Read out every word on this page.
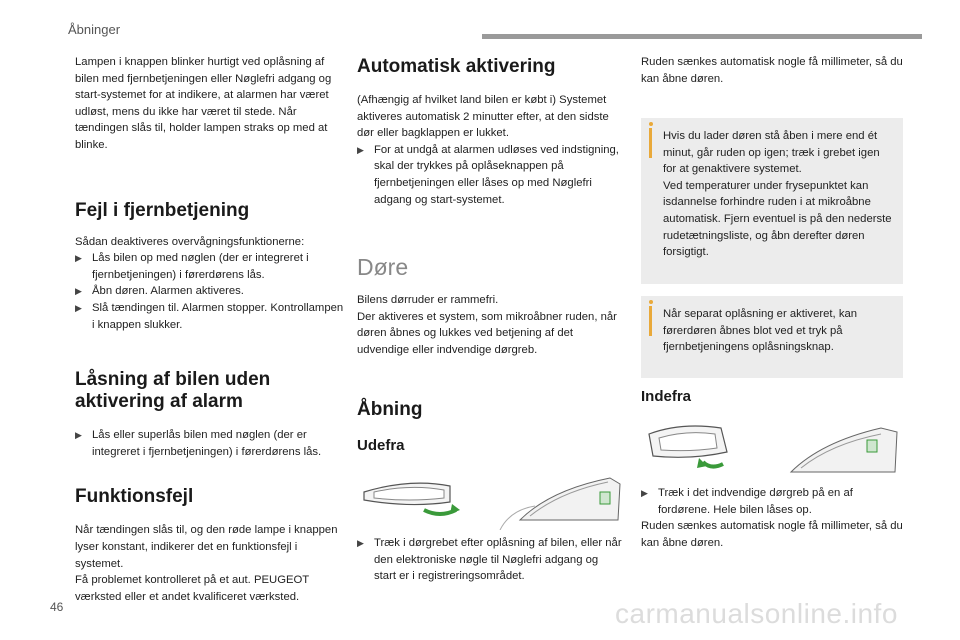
Åbninger

Lampen i knappen blinker hurtigt ved oplåsning af bilen med fjernbetjeningen eller Nøglefri adgang og start-systemet for at indikere, at alarmen har været udløst, mens du ikke har været til stede. Når tændingen slås til, holder lampen straks op med at blinke.

Fejl i fjernbetjening

Sådan deaktiveres overvågningsfunktionerne:

▶ Lås bilen op med nøglen (der er integreret i fjernbetjeningen) i førerdørens lås.
▶ Åbn døren. Alarmen aktiveres.
▶ Slå tændingen til. Alarmen stopper. Kontrollampen i knappen slukker.
Låsning af bilen uden aktivering af alarm
▶ Lås eller superlås bilen med nøglen (der er integreret i fjernbetjeningen) i førerdørens lås.
Funktionsfejl

Når tændingen slås til, og den røde lampe i knappen lyser konstant, indikerer det en funktionsfejl i systemet.

Få problemet kontrolleret på et aut. PEUGEOT værksted eller et andet kvalificeret værksted.

Automatisk aktivering

(Afhængig af hvilket land bilen er købt i) Systemet aktiveres automatisk 2 minutter efter, at den sidste dør eller bagklappen er lukket.

▶ For at undgå at alarmen udløses ved indstigning, skal der trykkes på oplåseknappen på fjernbetjeningen eller låses op med Nøglefri adgang og start-systemet.
Døre

Bilens dørruder er rammefri.

Der aktiveres et system, som mikroåbner ruden, når døren åbnes og lukkes ved betjening af det udvendige eller indvendige dørgreb.

Åbning
Udefra
▶ Træk i dørgrebet efter oplåsning af bilen, eller når den elektroniske nøgle til Nøglefri adgang og start er i registreringsområdet.

Ruden sænkes automatisk nogle få millimeter, så du kan åbne døren.

Hvis du lader døren stå åben i mere end ét minut, går ruden op igen; træk i grebet igen for at genaktivere systemet.

Ved temperaturer under frysepunktet kan isdannelse forhindre ruden i at mikroåbne automatisk. Fjern eventuel is på den nederste rudetætningsliste, og åbn derefter døren forsigtigt.

Når separat oplåsning er aktiveret, kan førerdøren åbnes blot ved et tryk på fjernbetjeningens oplåsningsknap.

Indefra
▶ Træk i det indvendige dørgreb på en af fordørene. Hele bilen låses op.

Ruden sænkes automatisk nogle få millimeter, så du kan åbne døren.

46	carmanualsonline.info
